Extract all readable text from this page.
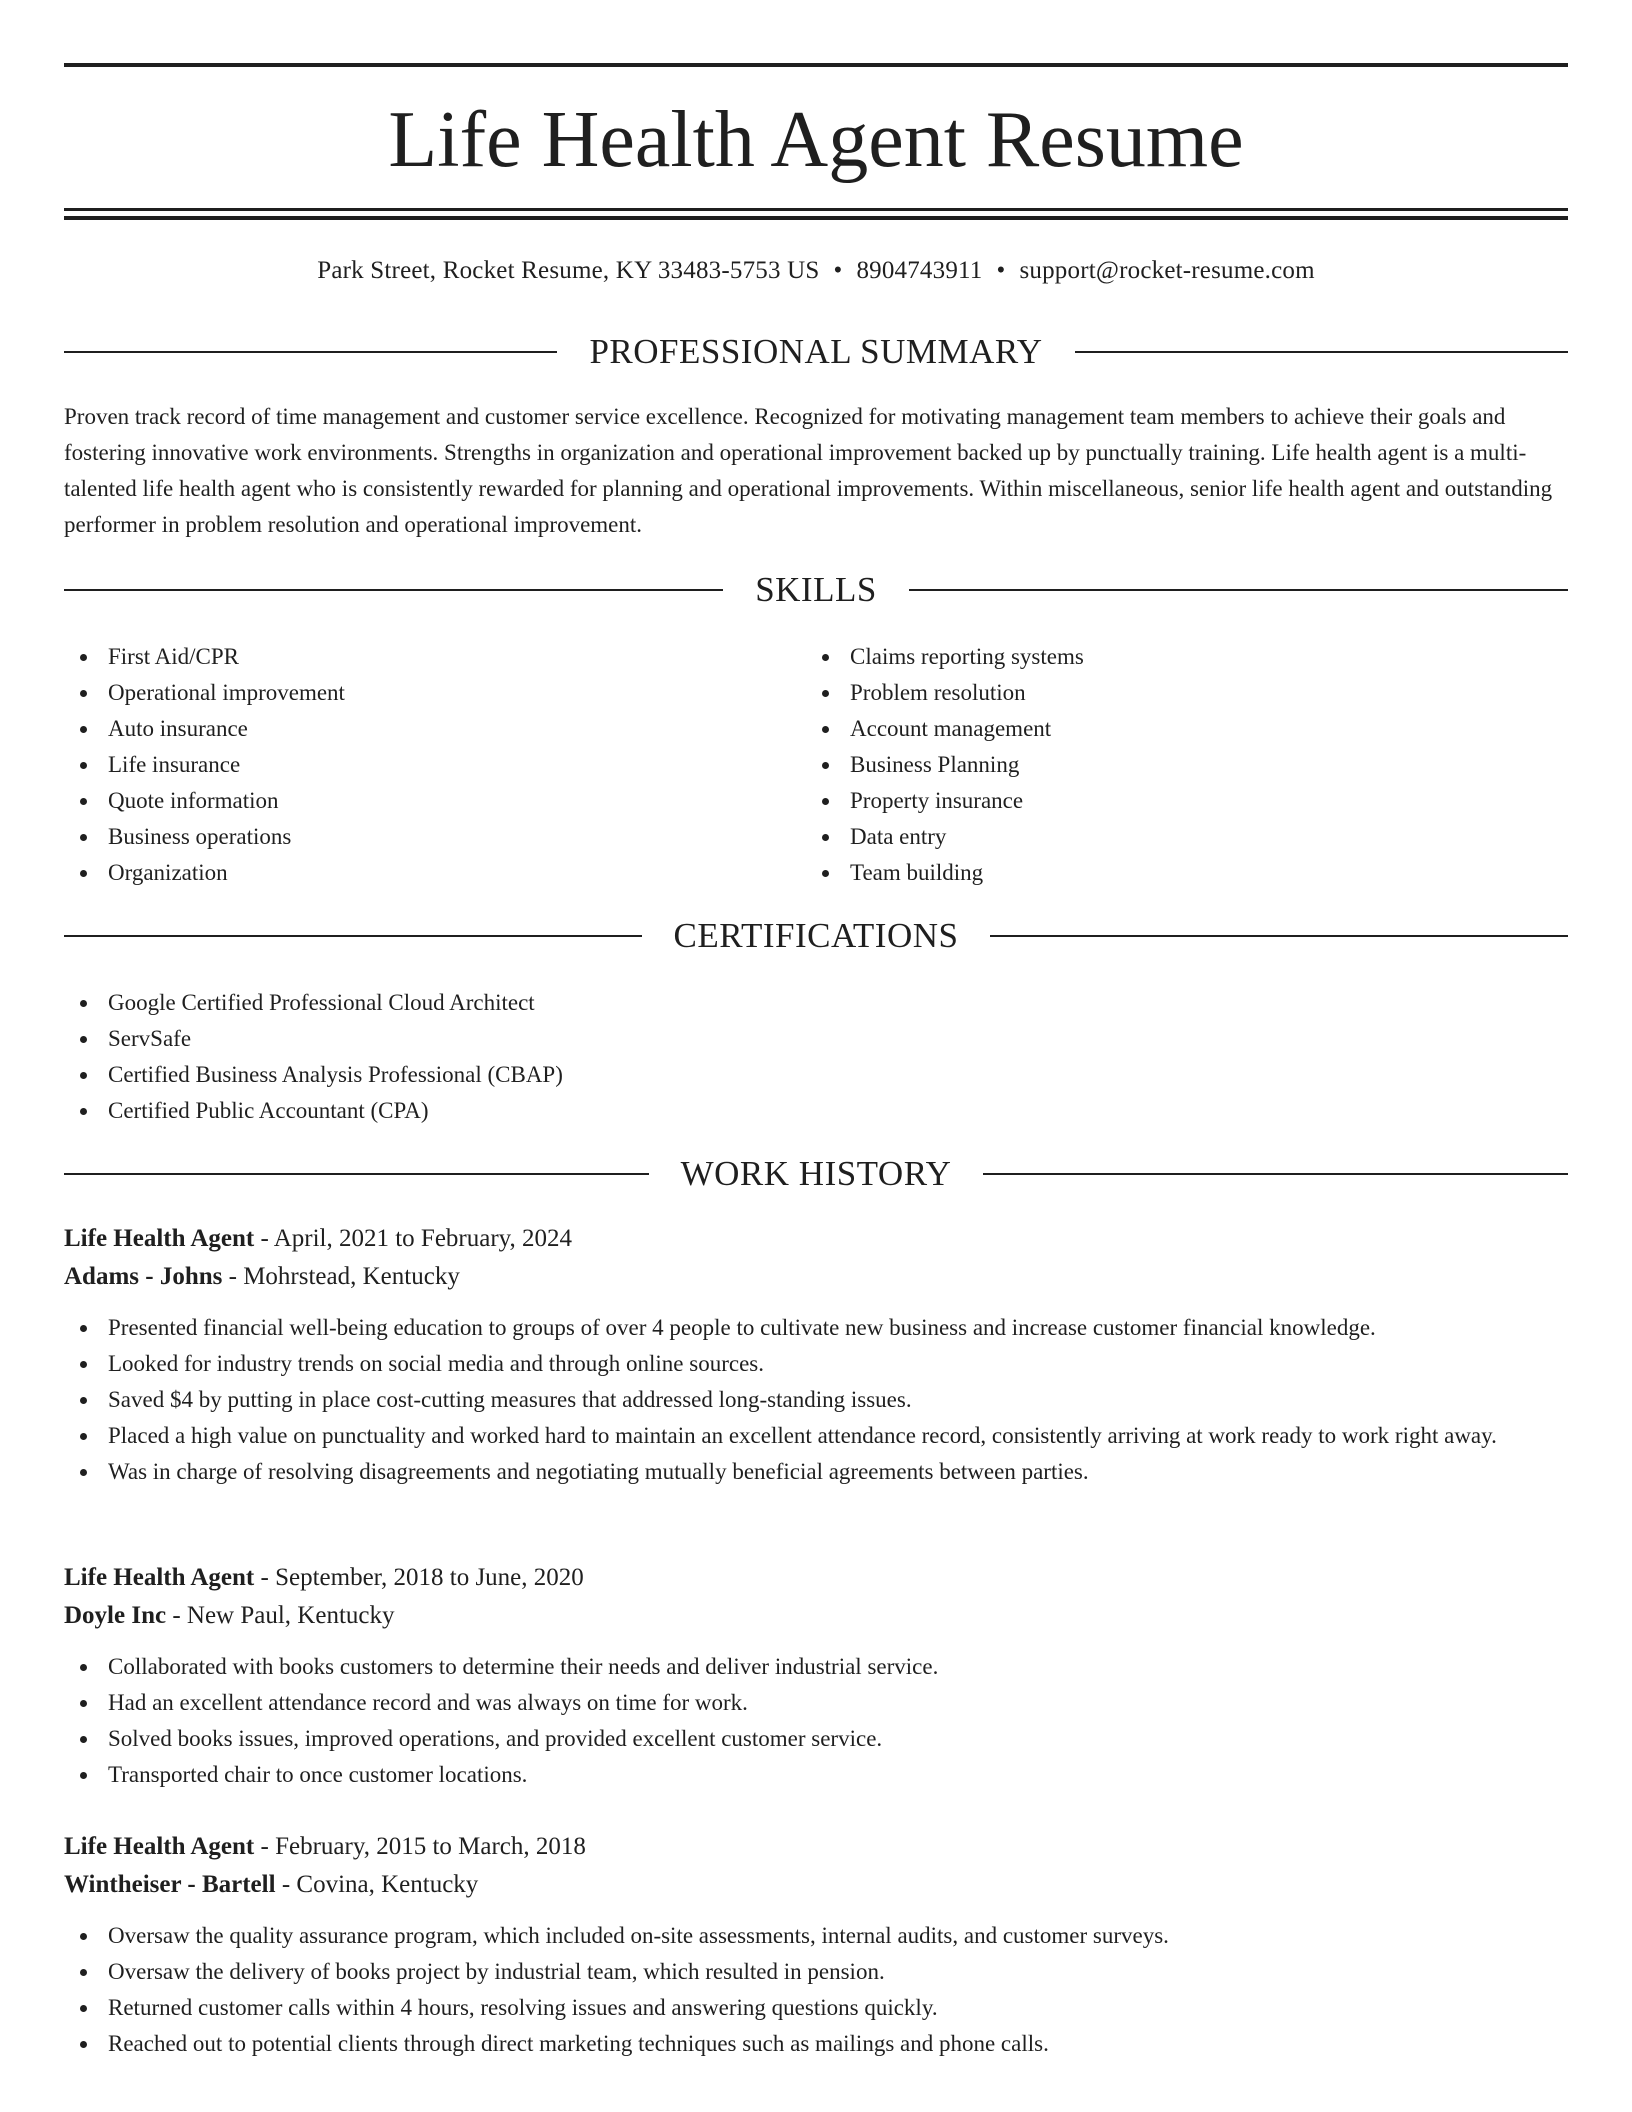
Life Health Agent Resume
Park Street, Rocket Resume, KY 33483-5753 US • 8904743911 • support@rocket-resume.com
PROFESSIONAL SUMMARY

Proven track record of time management and customer service excellence. Recognized for motivating management team members to achieve their goals and fostering innovative work environments. Strengths in organization and operational improvement backed up by punctually training. Life health agent is a multi-talented life health agent who is consistently rewarded for planning and operational improvements. Within miscellaneous, senior life health agent and outstanding performer in problem resolution and operational improvement.

SKILLS
First Aid/CPR
Operational improvement
Auto insurance
Life insurance
Quote information
Business operations
Organization
Claims reporting systems
Problem resolution
Account management
Business Planning
Property insurance
Data entry
Team building
CERTIFICATIONS
Google Certified Professional Cloud Architect
ServSafe
Certified Business Analysis Professional (CBAP)
Certified Public Accountant (CPA)
WORK HISTORY
Life Health Agent - April, 2021 to February, 2024
Adams - Johns - Mohrstead, Kentucky
Presented financial well-being education to groups of over 4 people to cultivate new business and increase customer financial knowledge.
Looked for industry trends on social media and through online sources.
Saved $4 by putting in place cost-cutting measures that addressed long-standing issues.
Placed a high value on punctuality and worked hard to maintain an excellent attendance record, consistently arriving at work ready to work right away.
Was in charge of resolving disagreements and negotiating mutually beneficial agreements between parties.
Life Health Agent - September, 2018 to June, 2020
Doyle Inc - New Paul, Kentucky
Collaborated with books customers to determine their needs and deliver industrial service.
Had an excellent attendance record and was always on time for work.
Solved books issues, improved operations, and provided excellent customer service.
Transported chair to once customer locations.
Life Health Agent - February, 2015 to March, 2018
Wintheiser - Bartell - Covina, Kentucky
Oversaw the quality assurance program, which included on-site assessments, internal audits, and customer surveys.
Oversaw the delivery of books project by industrial team, which resulted in pension.
Returned customer calls within 4 hours, resolving issues and answering questions quickly.
Reached out to potential clients through direct marketing techniques such as mailings and phone calls.
